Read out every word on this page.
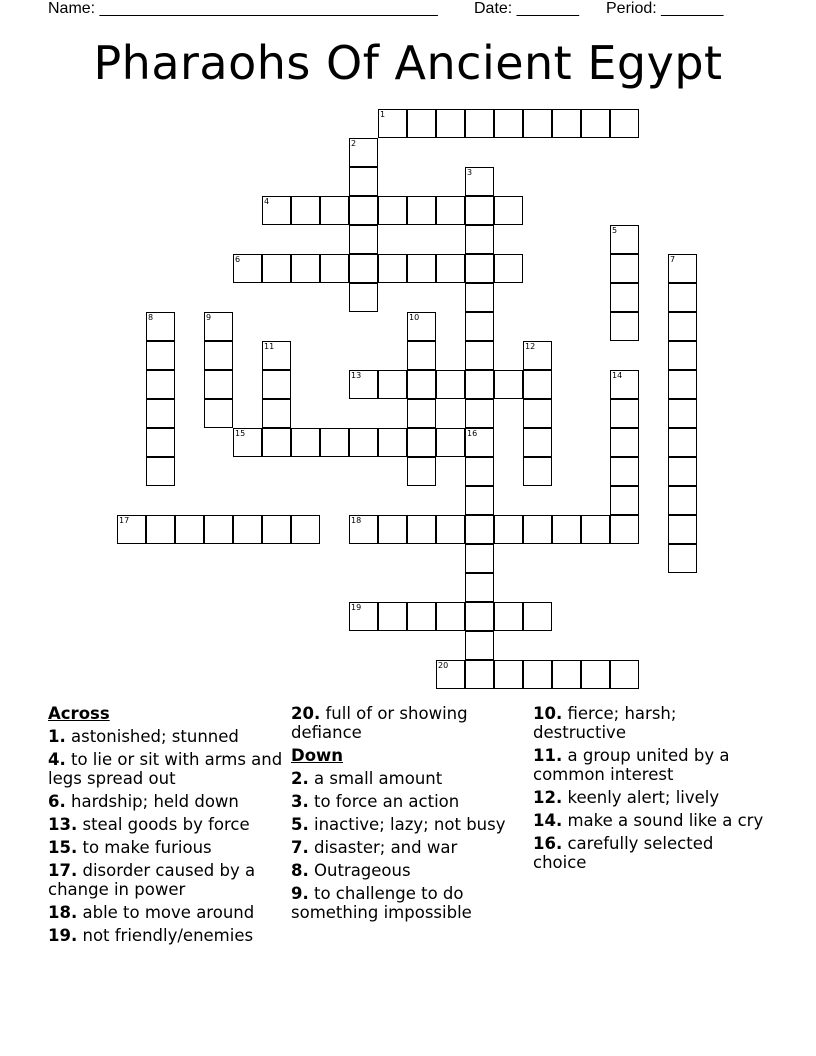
Name: ______________________________________ Date: _______ Period: _______
Pharaohs Of Ancient Egypt
1
2
3
16
4
5
6	7
8	9	10
11	12
13	14
15
17	18
19
20
Across
1. astonished; stunned
4. to lie or sit with arms and legs spread out
6. hardship; held down
13. steal goods by force
15. to make furious
17. disorder caused by a change in power
18. able to move around
19. not friendly/enemies
20. full of or showing defiance
Down
2. a small amount
3. to force an action
5. inactive; lazy; not busy
7. disaster; and war
8. Outrageous
9. to challenge to do something impossible
10. fierce; harsh; destructive
11. a group united by a common interest
12. keenly alert; lively
14. make a sound like a cry
16. carefully selected choice
